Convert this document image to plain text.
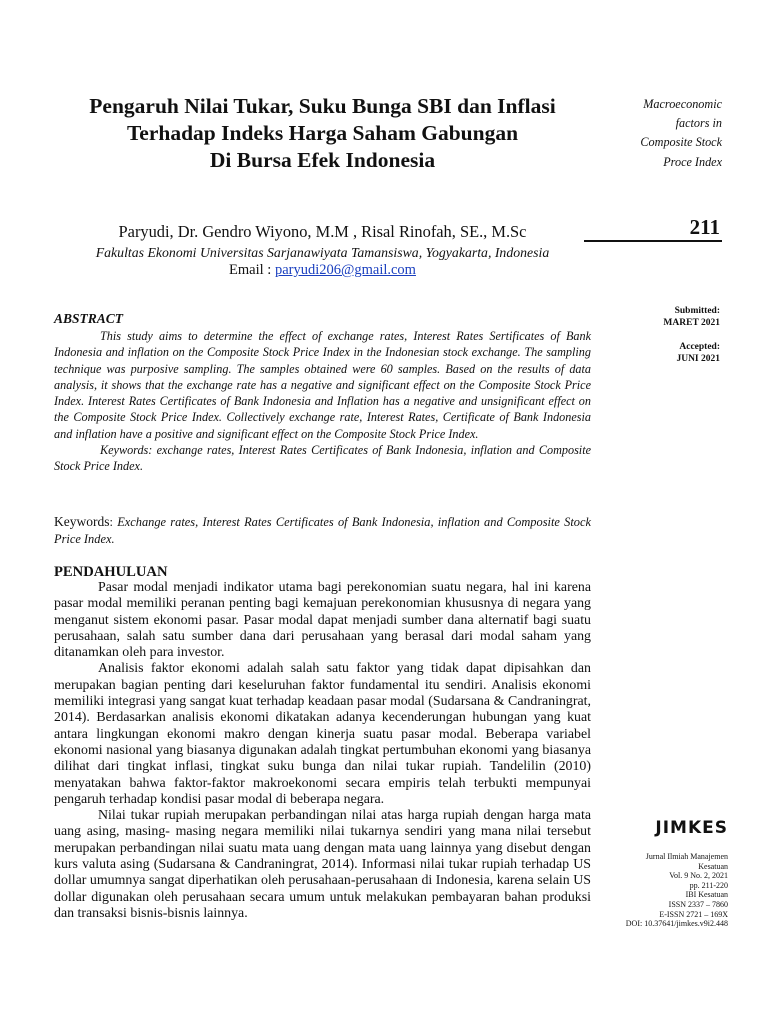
Pengaruh Nilai Tukar, Suku Bunga SBI dan Inflasi
Terhadap Indeks Harga Saham Gabungan
Di Bursa Efek Indonesia
Paryudi, Dr. Gendro Wiyono, M.M , Risal Rinofah, SE., M.Sc
Fakultas Ekonomi Universitas Sarjanawiyata Tamansiswa, Yogyakarta, Indonesia
Email : paryudi206@gmail.com
Macroeconomic
factors in
Composite Stock
Proce Index
211
Submitted:
MARET 2021
Accepted:
JUNI 2021
JIMKES
Jurnal Ilmiah Manajemen
Kesatuan
Vol. 9 No. 2, 2021
pp. 211-220
IBI Kesatuan
ISSN 2337 – 7860
E-ISSN 2721 – 169X
DOI: 10.37641/jimkes.v9i2.448
ABSTRACT
This study aims to determine the effect of exchange rates, Interest Rates Sertificates of Bank Indonesia and inflation on the Composite Stock Price Index in the Indonesian stock exchange. The sampling technique was purposive sampling. The samples obtained were 60 samples. Based on the results of data analysis, it shows that the exchange rate has a negative and significant effect on the Composite Stock Price Index. Interest Rates Certificates of Bank Indonesia and Inflation has a negative and unsignificant effect on the Composite Stock Price Index. Collectively exchange rate, Interest Rates, Certificate of Bank Indonesia and inflation have a positive and significant effect on the Composite Stock Price Index.
Keywords: exchange rates, Interest Rates Certificates of Bank Indonesia, inflation and Composite Stock Price Index.
Keywords: Exchange rates, Interest Rates Certificates of Bank Indonesia, inflation and Composite Stock Price Index.
PENDAHULUAN
Pasar modal menjadi indikator utama bagi perekonomian suatu negara, hal ini karena pasar modal memiliki peranan penting bagi kemajuan perekonomian khususnya di negara yang menganut sistem ekonomi pasar. Pasar modal dapat menjadi sumber dana alternatif bagi suatu perusahaan, salah satu sumber dana dari perusahaan yang berasal dari modal saham yang ditanamkan oleh para investor.
Analisis faktor ekonomi adalah salah satu faktor yang tidak dapat dipisahkan dan merupakan bagian penting dari keseluruhan faktor fundamental itu sendiri. Analisis ekonomi memiliki integrasi yang sangat kuat terhadap keadaan pasar modal (Sudarsana & Candraningrat, 2014). Berdasarkan analisis ekonomi dikatakan adanya kecenderungan hubungan yang kuat antara lingkungan ekonomi makro dengan kinerja suatu pasar modal. Beberapa variabel ekonomi nasional yang biasanya digunakan adalah tingkat pertumbuhan ekonomi yang biasanya dilihat dari tingkat inflasi, tingkat suku bunga dan nilai tukar rupiah. Tandelilin (2010) menyatakan bahwa faktor-faktor makroekonomi secara empiris telah terbukti mempunyai pengaruh terhadap kondisi pasar modal di beberapa negara.
Nilai tukar rupiah merupakan perbandingan nilai atas harga rupiah dengan harga mata uang asing, masing- masing negara memiliki nilai tukarnya sendiri yang mana nilai tersebut merupakan perbandingan nilai suatu mata uang dengan mata uang lainnya yang disebut dengan kurs valuta asing (Sudarsana & Candraningrat, 2014). Informasi nilai tukar rupiah terhadap US dollar umumnya sangat diperhatikan oleh perusahaan-perusahaan di Indonesia, karena selain US dollar digunakan oleh perusahaan secara umum untuk melakukan pembayaran bahan produksi dan transaksi bisnis-bisnis lainnya.
